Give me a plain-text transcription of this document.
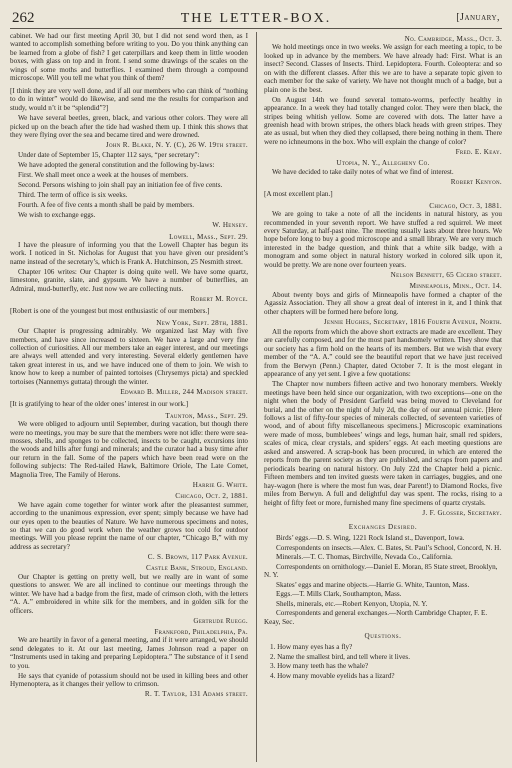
262	THE LETTER-BOX.	[January,

cabinet. We had our first meeting April 30, but I did not send word then, as I wanted to accomplish something before writing to you. Do you think anything can be learned from a globe of fish? I get caterpillars and keep them in little wooden boxes, with glass on top and in front. I send some drawings of the scales on the wings of some moths and butterflies. I examined them through a compound microscope. Will you tell me what you think of them?

[I think they are very well done, and if all our members who can think of “nothing to do in winter” would do likewise, and send me the results for comparison and study, would n’t it be “splendid”?]

We have several beetles, green, black, and various other colors. They were all picked up on the beach after the tide had washed them up. I think this shows that they were flying over the sea and became tired and were drowned.

John R. Blake, N. Y. (C), 26 W. 19th street.

Under date of September 15, Chapter 112 says, “per secretary”:

We have adopted the general constitution and the following by-laws:

First. We shall meet once a week at the houses of members.

Second. Persons wishing to join shall pay an initiation fee of five cents.

Third. The term of office is six weeks.

Fourth. A fee of five cents a month shall be paid by members.

We wish to exchange eggs.

W. Hensey.

Lowell, Mass., Sept. 29.

I have the pleasure of informing you that the Lowell Chapter has begun its work. I noticed in St. Nicholas for August that you have given our president’s name instead of the secretary’s, which is Frank A. Hutchinson, 25 Nesmith street.

Chapter 106 writes: Our Chapter is doing quite well. We have some quartz, limestone, granite, slate, and gypsum. We have a number of butterflies, an Admiral, mud-butterfly, etc. Just now we are collecting nuts.

Robert M. Royce.

[Robert is one of the youngest but most enthusiastic of our members.]

New York, Sept. 28th, 1881.

Our Chapter is progressing admirably. We organized last May with five members, and have since increased to sixteen. We have a large and very fine collection of curiosities. All our members take an eager interest, and our meetings are always well attended and very interesting. Several elderly gentlemen have taken great interest in us, and we have induced one of them to join. We wish to know how to keep a number of painted tortoises (Chrysemys picta) and speckled tortoises (Nannemys guttata) through the winter.

Edward B. Miller, 244 Madison street.

[It is gratifying to hear of the older ones’ interest in our work.]

Taunton, Mass., Sept. 29.

We were obliged to adjourn until September, during vacation, but though there were no meetings, you may be sure that the members were not idle: there were sea-mosses, shells, and sponges to be collected, insects to be caught, excursions into the woods and hills after fungi and minerals; and the curator had a busy time after our return in the fall. Some of the papers which have been read were on the following subjects: The Red-tailed Hawk, Baltimore Oriole, The Late Comet, Magnolia Tree, The Family of Herons.

Harrie G. White.

Chicago, Oct. 2, 1881.

We have again come together for winter work after the pleasantest summer, according to the unanimous expression, ever spent; simply because we have had our eyes open to the beauties of Nature. We have numerous specimens and notes, so that we can do good work when the weather grows too cold for outdoor meetings. Will you please reprint the name of our chapter, “Chicago B,” with my address as secretary?

C. S. Brown, 117 Park Avenue.

Castle Bank, Stroud, England.

Our Chapter is getting on pretty well, but we really are in want of some questions to answer. We are all inclined to continue our meetings through the winter. We have had a badge from the first, made of crimson cloth, with the letters “A. A.” embroidered in white silk for the members, and in golden silk for the officers.

Gertrude Ruegg.

Frankford, Philadelphia, Pa.

We are heartily in favor of a general meeting, and if it were arranged, we should send delegates to it. At our last meeting, James Johnson read a paper on “Instruments used in taking and preparing Lepidoptera.” The substance of it I send to you.

He says that cyanide of potassium should not be used in killing bees and other Hymenoptera, as it changes their yellow to crimson.

R. T. Taylor, 131 Adams street.

No. Cambridge, Mass., Oct. 3.

We hold meetings once in two weeks. We assign for each meeting a topic, to be looked up in advance by the members. We have already had: First. What is an insect? Second. Classes of Insects. Third. Lepidoptera. Fourth. Coleoptera: and so on with the different classes. After this we are to have a separate topic given to each member for the sake of variety. We have not thought much of a badge, but a plain one is the best.

On August 14th we found several tomato-worms, perfectly healthy in appearance. In a week they had totally changed color. They were then black, the stripes being whitish yellow. Some are covered with dots. The latter have a greenish head with brown stripes, the others black heads with green stripes. They ate as usual, but when they died they collapsed, there being nothing in them. There were no ichneumons in the box. Who will explain the change of color?

Fred. E. Keay.

Utopia, N. Y., Allegheny Co.

We have decided to take daily notes of what we find of interest.

Robert Kenyon.

[A most excellent plan.]

Chicago, Oct. 3, 1881.

We are going to take a note of all the incidents in natural history, as you recommended in your seventh report. We have stuffed a red squirrel. We meet every Saturday, at half-past nine. The meeting usually lasts about three hours. We hope before long to buy a good microscope and a small library. We are very much interested in the badge question, and think that a white silk badge, with a monogram and some object in natural history worked in colored silk upon it, would be pretty. We are none over fourteen years.

Nelson Bennett, 65 Cicero street.

Minneapolis, Minn., Oct. 14.

About twenty boys and girls of Minneapolis have formed a chapter of the Agassiz Association. They all show a great deal of interest in it, and I think that other chapters will be formed here before long.

Jennie Hughes, Secretary, 1816 Fourth Avenue, North.

All the reports from which the above short extracts are made are excellent. They are carefully composed, and for the most part handsomely written. They show that our society has a firm hold on the hearts of its members. But we wish that every member of the “A. A.” could see the beautiful report that we have just received from the Berwyn (Penn.) Chapter, dated October 7. It is the most elegant in appearance of any yet sent. I give a few quotations:

The Chapter now numbers fifteen active and two honorary members. Weekly meetings have been held since our organization, with two exceptions—one on the night when the body of President Garfield was being moved to Cleveland for burial, and the other on the night of July 2d, the day of our annual picnic. [Here follows a list of fifty-four species of minerals collected, of seventeen varieties of wood, and of about fifty miscellaneous specimens.] Microscopic examinations were made of moss, bumblebees’ wings and legs, human hair, small red spiders, scales of mica, clear crystals, and spiders’ eggs. At each meeting questions are asked and answered. A scrap-book has been procured, in which are entered the reports from the parent society as they are published, and scraps from papers and periodicals bearing on natural history. On July 22d the Chapter held a picnic. Fifteen members and ten invited guests were taken in carriages, buggies, and one hay-wagon (here is where the most fun was, dear Parent!) to Diamond Rocks, five miles from Berwyn. A full and delightful day was spent. The rocks, rising to a height of fifty feet or more, furnished many fine specimens of quartz crystals.

J. F. Glosser, Secretary.

Exchanges Desired.

Birds’ eggs.—D. S. Wing, 1221 Rock Island st., Davenport, Iowa.

Correspondents on insects.—Alex. C. Bates, St. Paul’s School, Concord, N. H.

Minerals.—T. C. Thomas, Birchville, Nevada Co., California.

Correspondents on ornithology.—Daniel E. Moran, 85 State street, Brooklyn, N. Y.

Skates’ eggs and marine objects.—Harrie G. White, Taunton, Mass.

Eggs.—T. Mills Clark, Southampton, Mass.

Shells, minerals, etc.—Robert Kenyon, Utopia, N. Y.

Correspondents and general exchanges.—North Cambridge Chapter, F. E. Keay, Sec.

Questions.

1. How many eyes has a fly?

2. Name the smallest bird, and tell where it lives.

3. How many teeth has the whale?

4. How many movable eyelids has a lizard?
